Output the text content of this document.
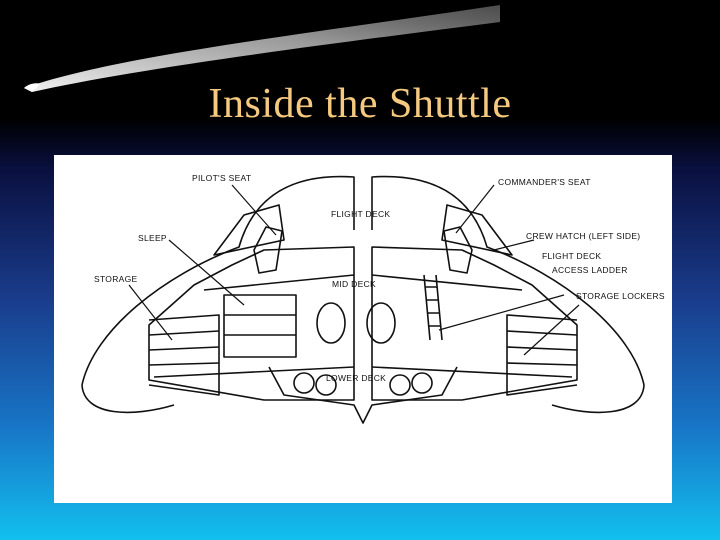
Inside the Shuttle
PILOT'S SEAT	COMMANDER'S SEAT
FLIGHT DECK
SLEEP	CREW HATCH (LEFT SIDE)
FLIGHT DECK
ACCESS LADDER
STORAGE	MID DECK
STORAGE LOCKERS
LOWER DECK
